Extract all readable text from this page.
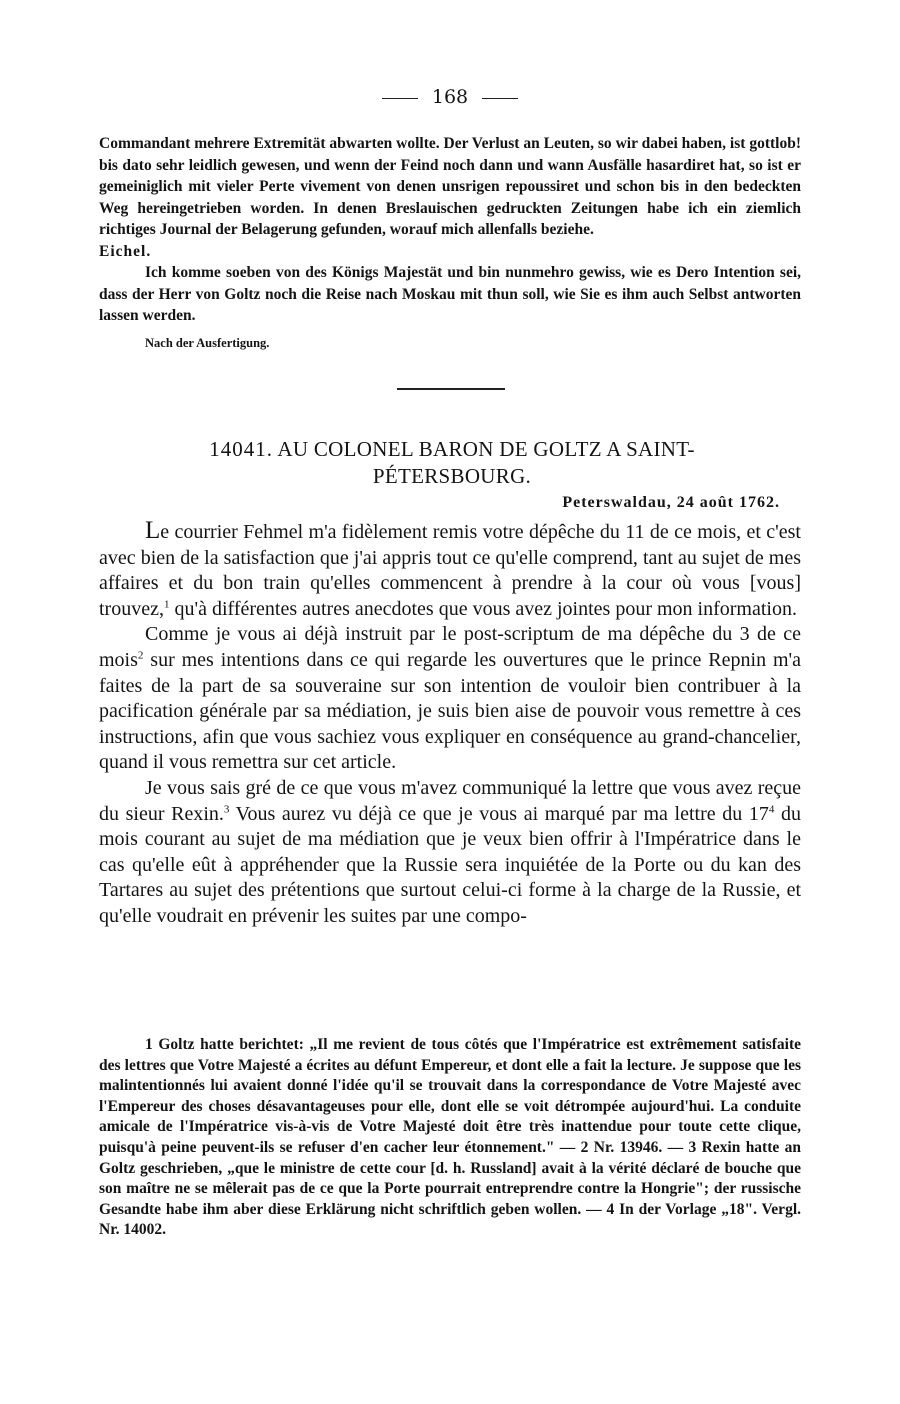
168

Commandant mehrere Extremität abwarten wollte. Der Verlust an Leuten, so wir dabei haben, ist gottlob! bis dato sehr leidlich gewesen, und wenn der Feind noch dann und wann Ausfälle hasardiret hat, so ist er gemeiniglich mit vieler Perte vivement von denen unsrigen repoussiret und schon bis in den bedeckten Weg hereingetrieben worden. In denen Breslauischen gedruckten Zeitungen habe ich ein ziemlich richtiges Journal der Belagerung gefunden, worauf mich allenfalls beziehe.

Eichel.

Ich komme soeben von des Königs Majestät und bin nunmehro gewiss, wie es Dero Intention sei, dass der Herr von Goltz noch die Reise nach Moskau mit thun soll, wie Sie es ihm auch Selbst antworten lassen werden.

Nach der Ausfertigung.

14041. AU COLONEL BARON DE GOLTZ A SAINT-
PÉTERSBOURG.
Peterswaldau, 24 août 1762.

Le courrier Fehmel m'a fidèlement remis votre dépêche du 11 de ce mois, et c'est avec bien de la satisfaction que j'ai appris tout ce qu'elle comprend, tant au sujet de mes affaires et du bon train qu'elles commencent à prendre à la cour où vous [vous] trouvez,$^1$ qu'à différentes autres anecdotes que vous avez jointes pour mon information.

Comme je vous ai déjà instruit par le post-scriptum de ma dépêche du 3 de ce mois$^2$ sur mes intentions dans ce qui regarde les ouvertures que le prince Repnin m'a faites de la part de sa souveraine sur son intention de vouloir bien contribuer à la pacification générale par sa médiation, je suis bien aise de pouvoir vous remettre à ces instructions, afin que vous sachiez vous expliquer en conséquence au grand-chancelier, quand il vous remettra sur cet article.

Je vous sais gré de ce que vous m'avez communiqué la lettre que vous avez reçue du sieur Rexin.$^3$ Vous aurez vu déjà ce que je vous ai marqué par ma lettre du $17^4$ du mois courant au sujet de ma médiation que je veux bien offrir à l'Impératrice dans le cas qu'elle eût à appréhender que la Russie sera inquiétée de la Porte ou du kan des Tartares au sujet des prétentions que surtout celui-ci forme à la charge de la Russie, et qu'elle voudrait en prévenir les suites par une compo-

1 Goltz hatte berichtet: „Il me revient de tous côtés que l'Impératrice est extrêmement satisfaite des lettres que Votre Majesté a écrites au défunt Empereur, et dont elle a fait la lecture. Je suppose que les malintentionnés lui avaient donné l'idée qu'il se trouvait dans la correspondance de Votre Majesté avec l'Empereur des choses désavantageuses pour elle, dont elle se voit détrompée aujourd'hui. La conduite amicale de l'Impératrice vis-à-vis de Votre Majesté doit être très inattendue pour toute cette clique, puisqu'à peine peuvent-ils se refuser d'en cacher leur étonnement." — 2 Nr. 13946. — 3 Rexin hatte an Goltz geschrieben, „que le ministre de cette cour [d. h. Russland] avait à la vérité déclaré de bouche que son maître ne se mêlerait pas de ce que la Porte pourrait entreprendre contre la Hongrie"; der russische Gesandte habe ihm aber diese Erklärung nicht schriftlich geben wollen. — 4 In der Vorlage „18". Vergl. Nr. 14002.
